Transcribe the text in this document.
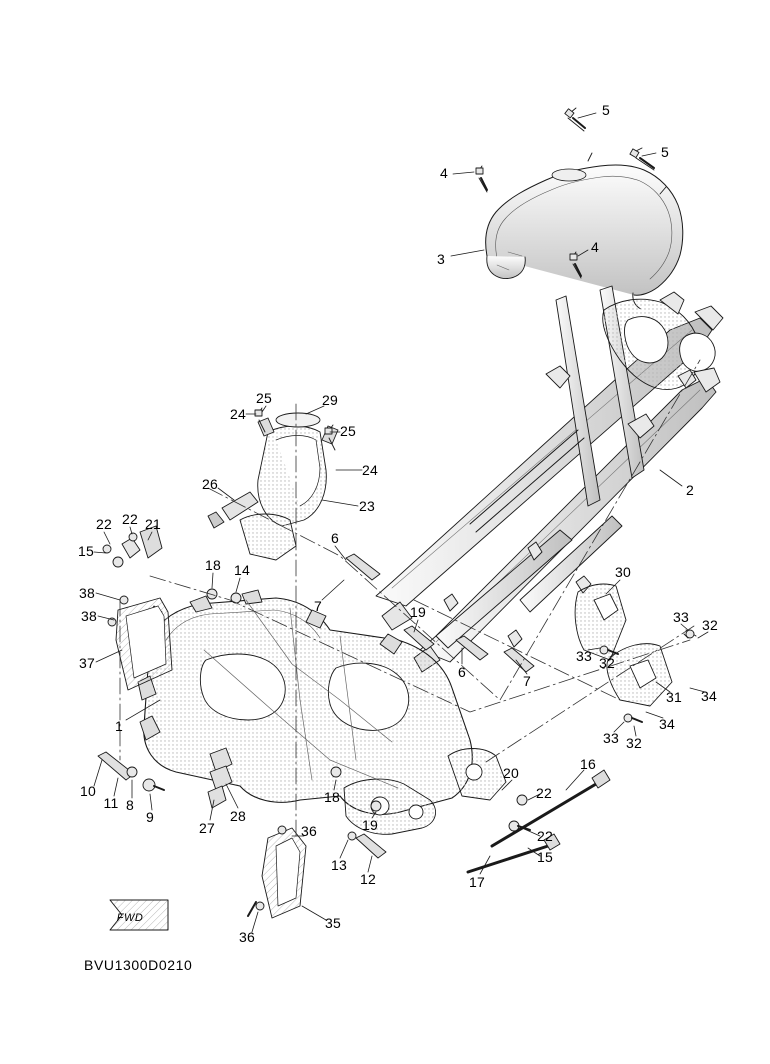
FWD
BVU1300D0210
5
5
4
3
4
2
25	29
24
25
24
23
26
22 22 21
15
18 14
6
7	19
38
38
37
30
33 32
33 32
6
7
31 34
34
33 32
1
10
11 8
9
27
28
18
19
20
22
22
16
15
17
13
12
36
35
36
